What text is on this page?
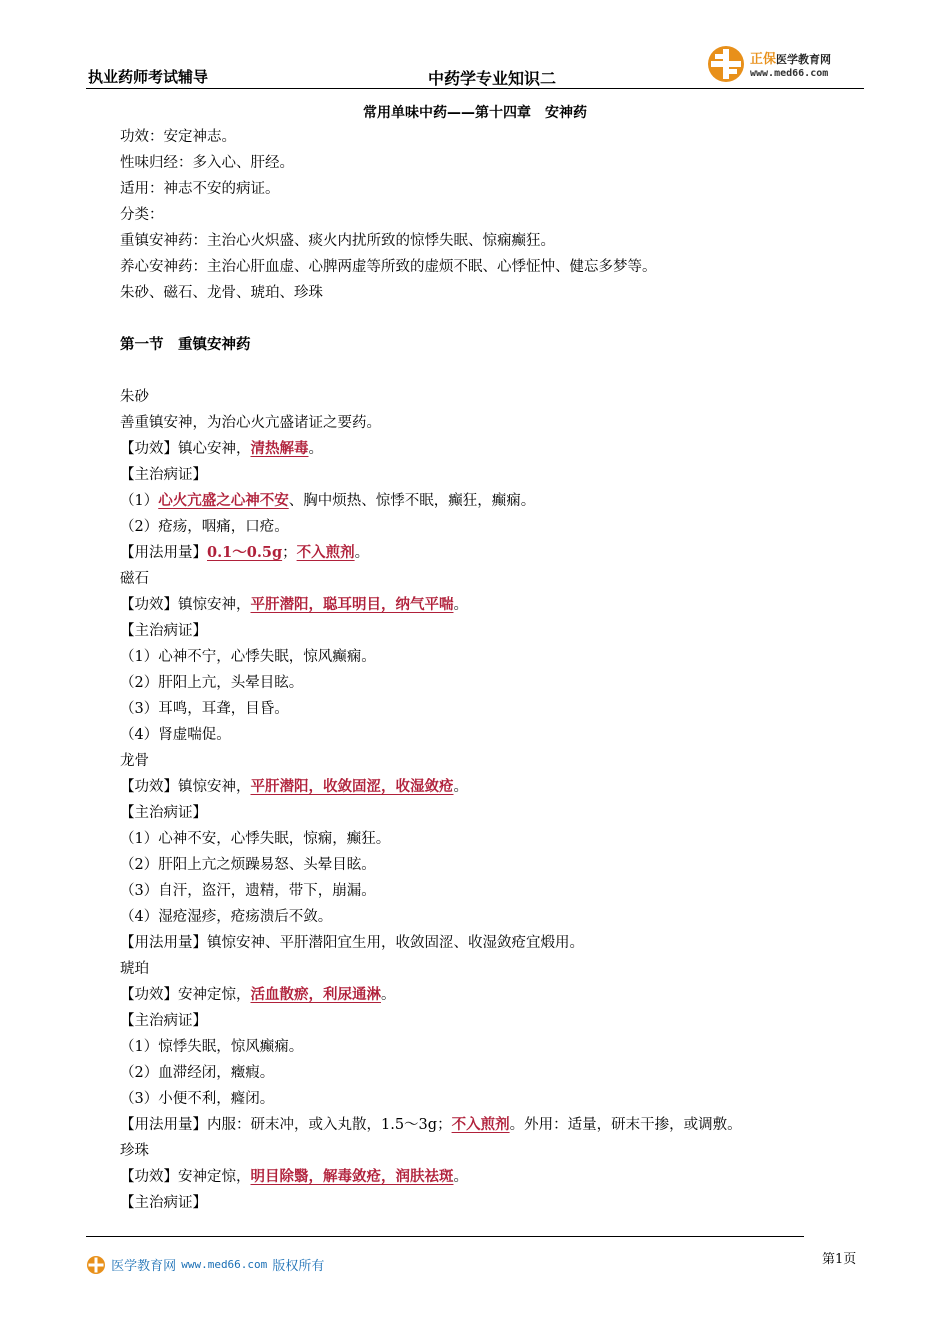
执业药师考试辅导	中药学专业知识二
正保医学教育网
www.med66.com
常用单味中药——第十四章　安神药
功效：安定神志。
性味归经：多入心、肝经。
适用：神志不安的病证。
分类：
重镇安神药：主治心火炽盛、痰火内扰所致的惊悸失眠、惊痫癫狂。
养心安神药：主治心肝血虚、心脾两虚等所致的虚烦不眠、心悸怔忡、健忘多梦等。
朱砂、磁石、龙骨、琥珀、珍珠
第一节　重镇安神药
朱砂
善重镇安神，为治心火亢盛诸证之要药。
【功效】镇心安神，清热解毒。
【主治病证】
（1）心火亢盛之心神不安、胸中烦热、惊悸不眠，癫狂，癫痫。
（2）疮疡，咽痛，口疮。
【用法用量】0.1～0.5g；不入煎剂。
磁石
【功效】镇惊安神，平肝潜阳，聪耳明目，纳气平喘。
【主治病证】
（1）心神不宁，心悸失眠，惊风癫痫。
（2）肝阳上亢，头晕目眩。
（3）耳鸣，耳聋，目昏。
（4）肾虚喘促。
龙骨
【功效】镇惊安神，平肝潜阳，收敛固涩，收湿敛疮。
【主治病证】
（1）心神不安，心悸失眠，惊痫，癫狂。
（2）肝阳上亢之烦躁易怒、头晕目眩。
（3）自汗，盗汗，遗精，带下，崩漏。
（4）湿疮湿疹，疮疡溃后不敛。
【用法用量】镇惊安神、平肝潜阳宜生用，收敛固涩、收湿敛疮宜煅用。
琥珀
【功效】安神定惊，活血散瘀，利尿通淋。
【主治病证】
（1）惊悸失眠，惊风癫痫。
（2）血滞经闭，癥瘕。
（3）小便不利，癃闭。
【用法用量】内服：研末冲，或入丸散，1.5～3g；不入煎剂。外用：适量，研末干掺，或调敷。
珍珠
【功效】安神定惊，明目除翳，解毒敛疮，润肤祛斑。
【主治病证】
医学教育网 www.med66.com 版权所有	第1页
